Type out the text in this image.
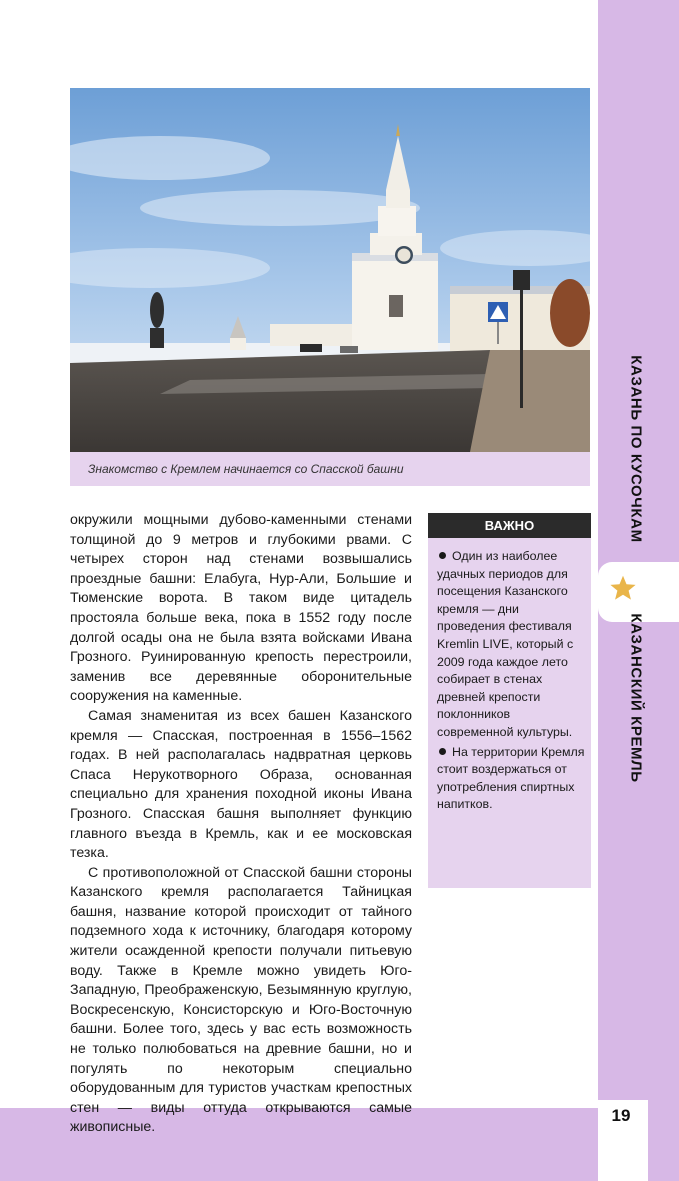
19
КАЗАНЬ ПО КУСОЧКАМ
КАЗАНСКИЙ КРЕМЛЬ
Знакомство с Кремлем начинается со Спасской башни

окружили мощными дубово-каменными стенами толщиной до 9 метров и глубокими рвами. С четырех сторон над стенами возвышались проездные башни: Елабуга, Нур-Али, Большие и Тюменские ворота. В таком виде цитадель простояла больше века, пока в 1552 году после долгой осады она не была взята войсками Ивана Грозного. Руинированную крепость перестроили, заменив все деревянные оборонительные сооружения на каменные.

Самая знаменитая из всех башен Казанского кремля — Спасская, построенная в 1556–1562 годах. В ней располагалась надвратная церковь Спаса Нерукотворного Образа, основанная специально для хранения походной иконы Ивана Грозного. Спасская башня выполняет функцию главного въезда в Кремль, как и ее московская тезка.

С противоположной от Спасской башни стороны Казанского кремля располагается Тайницкая башня, название которой происходит от тайного подземного хода к источнику, благодаря которому жители осажденной крепости получали питьевую воду. Также в Кремле можно увидеть Юго-Западную, Преображенскую, Безымянную круглую, Воскресенскую, Консисторскую и Юго-Восточную башни. Более того, здесь у вас есть возможность не только полюбоваться на древние башни, но и погулять по некоторым специально оборудованным для туристов участкам крепостных стен — виды оттуда открываются самые живописные.

ВАЖНО
Один из наиболее удачных периодов для посещения Казанского кремля — дни проведения фестиваля Kremlin LIVE, который с 2009 года каждое лето собирает в стенах древней крепости поклонников современной культуры.
На территории Кремля стоит воздержаться от употребления спиртных напитков.
